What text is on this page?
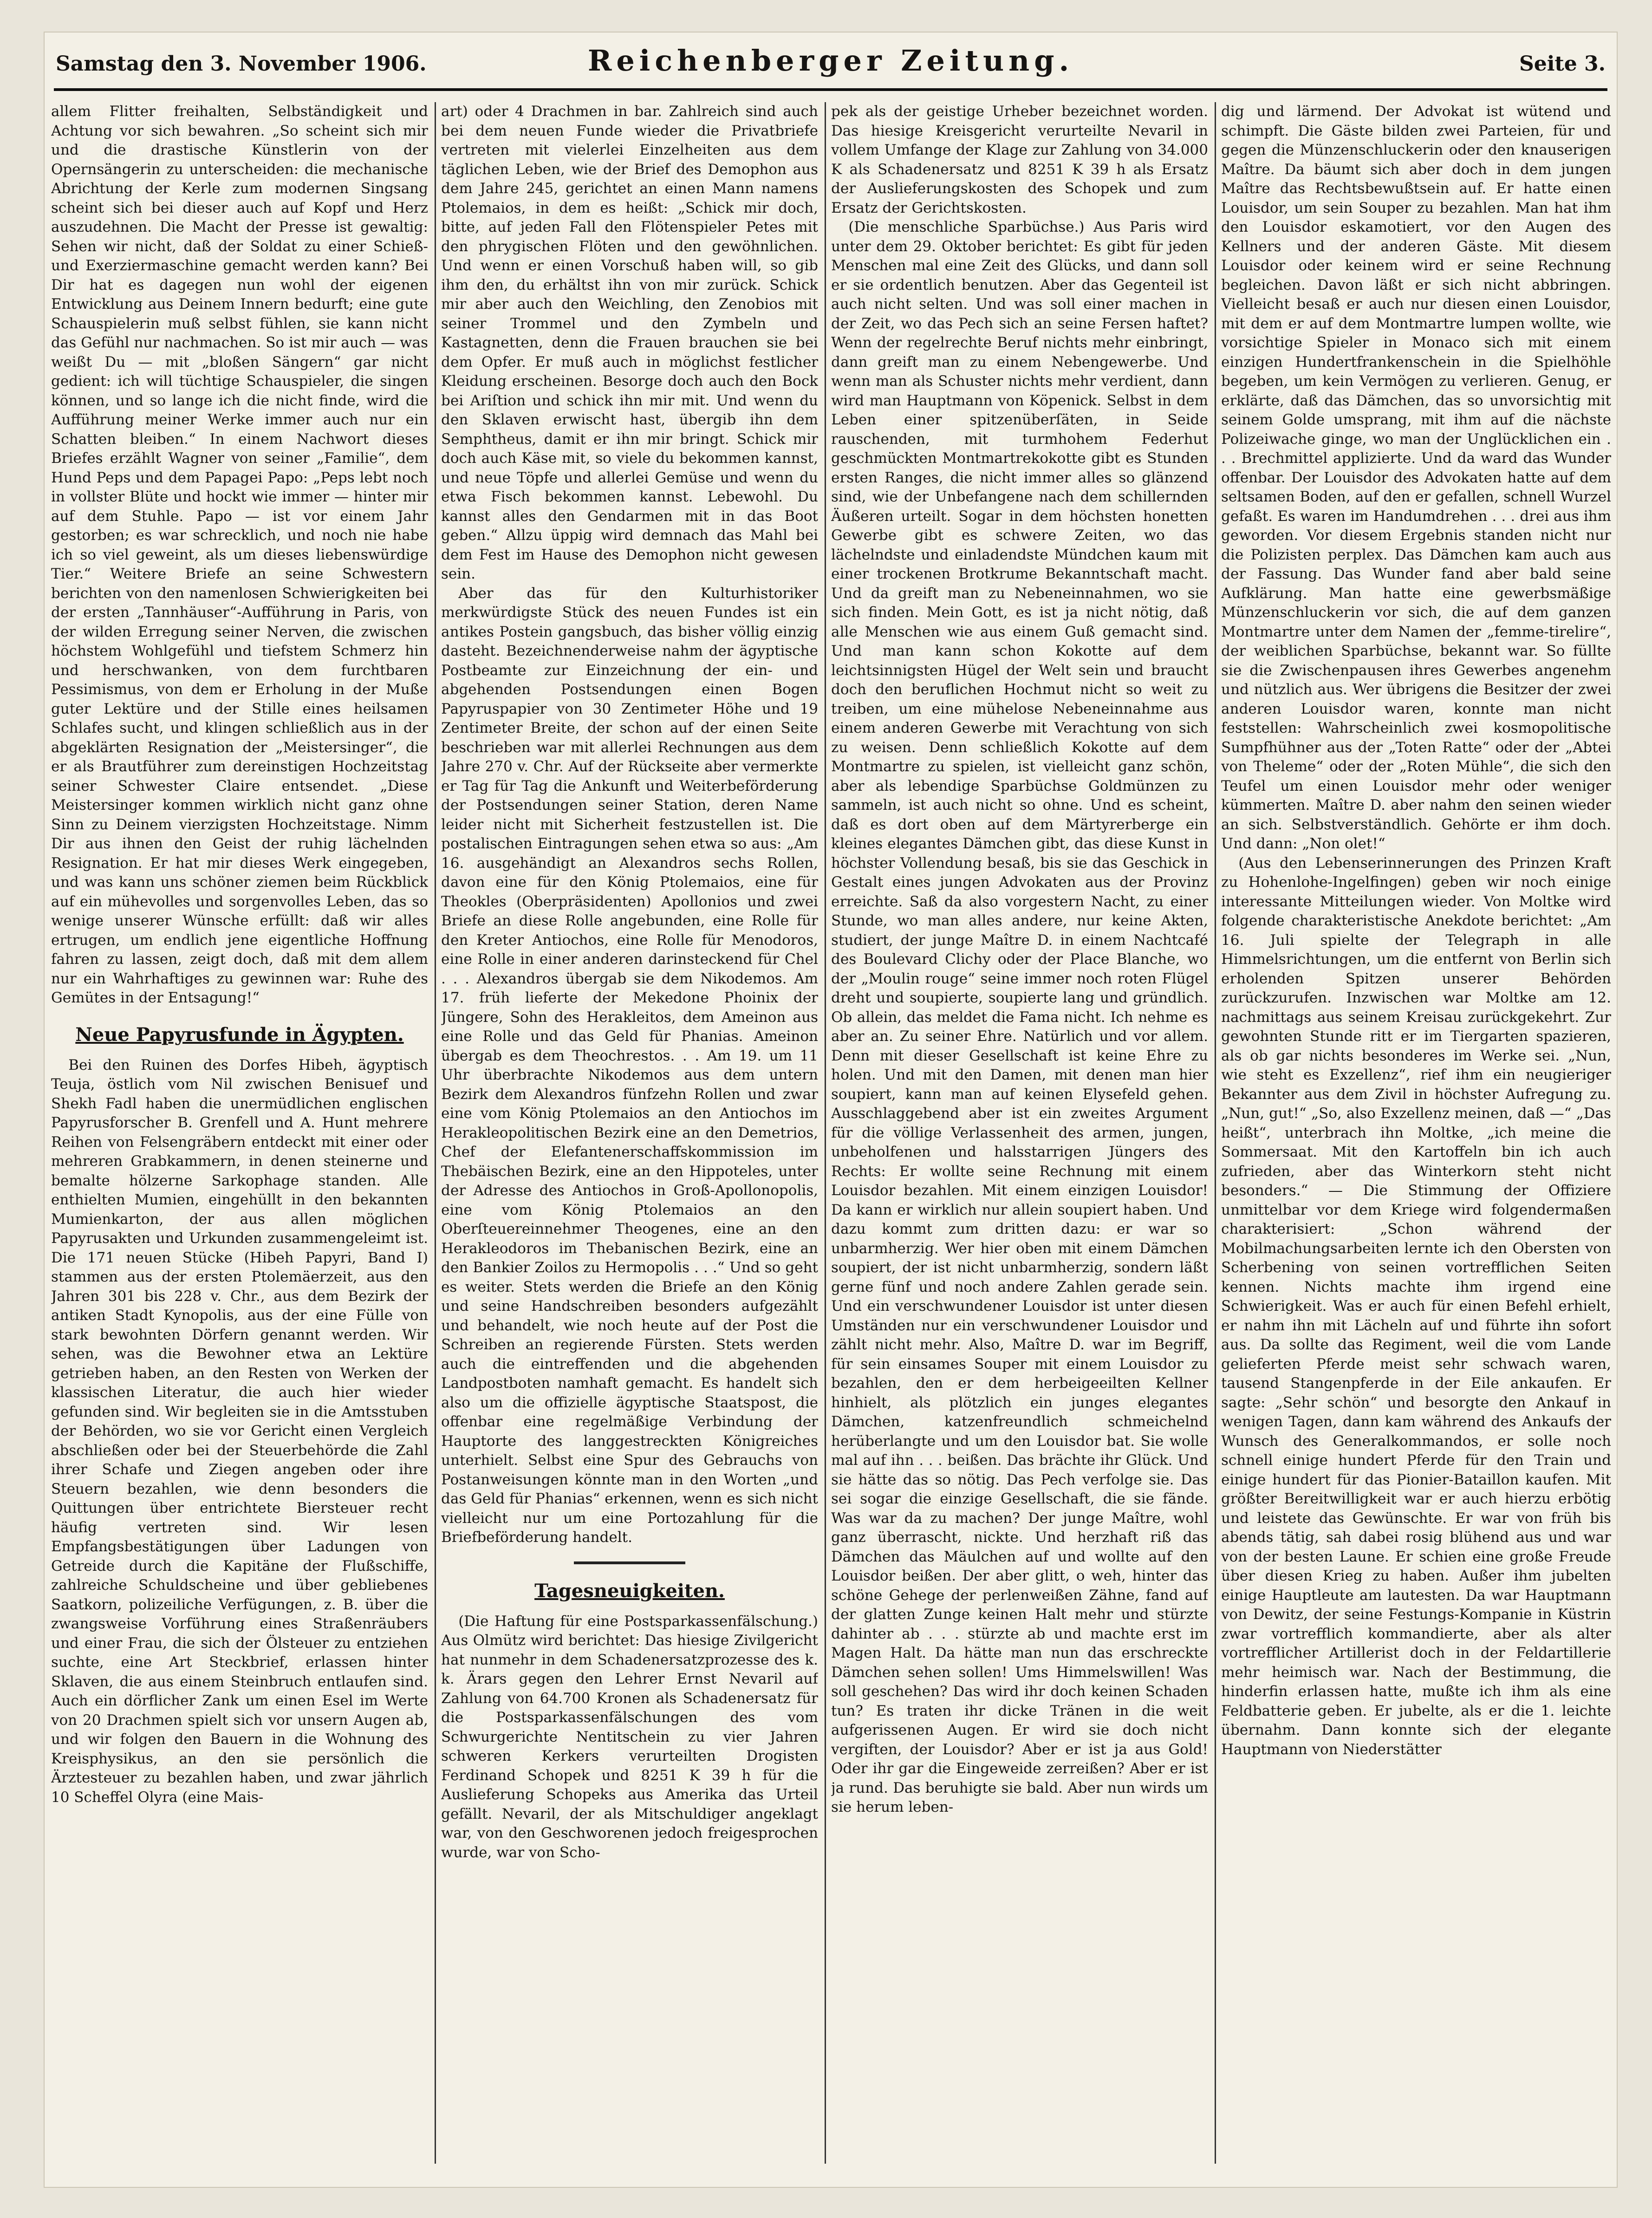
Samstag den 3. November 1906.	Reichenberger Zeitung.	Seite 3.

allem Flitter freihalten, Selbständigkeit und Achtung vor sich bewahren. „So scheint sich mir und die drastische Künstlerin von der Opernsängerin zu unterscheiden: die mechanische Abrichtung der Kerle zum modernen Singsang scheint sich bei dieser auch auf Kopf und Herz auszudehnen. Die Macht der Presse ist gewaltig: Sehen wir nicht, daß der Soldat zu einer Schieß- und Exerziermaschine gemacht werden kann? Bei Dir hat es dagegen nun wohl der eigenen Entwicklung aus Deinem Innern bedurft; eine gute Schauspielerin muß selbst fühlen, sie kann nicht das Gefühl nur nachmachen. So ist mir auch — was weißt Du — mit „bloßen Sängern“ gar nicht gedient: ich will tüchtige Schauspieler, die singen können, und so lange ich die nicht finde, wird die Aufführung meiner Werke immer auch nur ein Schatten bleiben.“ In einem Nachwort dieses Briefes erzählt Wagner von seiner „Familie“, dem Hund Peps und dem Papagei Papo: „Peps lebt noch in vollster Blüte und hockt wie immer — hinter mir auf dem Stuhle. Papo — ist vor einem Jahr gestorben; es war schrecklich, und noch nie habe ich so viel geweint, als um dieses liebenswürdige Tier.“ Weitere Briefe an seine Schwestern berichten von den namenlosen Schwierigkeiten bei der ersten „Tannhäuser“-Aufführung in Paris, von der wilden Erregung seiner Nerven, die zwischen höchstem Wohlgefühl und tiefstem Schmerz hin und herschwanken, von dem furchtbaren Pessimismus, von dem er Erholung in der Muße guter Lektüre und der Stille eines heilsamen Schlafes sucht, und klingen schließlich aus in der abgeklärten Resignation der „Meistersinger“, die er als Brautführer zum dereinstigen Hochzeitstag seiner Schwester Claire entsendet. „Diese Meistersinger kommen wirklich nicht ganz ohne Sinn zu Deinem vierzigsten Hochzeitstage. Nimm Dir aus ihnen den Geist der ruhig lächelnden Resignation. Er hat mir dieses Werk eingegeben, und was kann uns schöner ziemen beim Rückblick auf ein mühevolles und sorgenvolles Leben, das so wenige unserer Wünsche erfüllt: daß wir alles ertrugen, um endlich jene eigentliche Hoffnung fahren zu lassen, zeigt doch, daß mit dem allem nur ein Wahrhaftiges zu gewinnen war: Ruhe des Gemütes in der Entsagung!“

Neue Papyrusfunde in Ägypten.

Bei den Ruinen des Dorfes Hibeh, ägyptisch Teuja, östlich vom Nil zwischen Benisuef und Shekh Fadl haben die unermüdlichen englischen Papyrusforscher B. Grenfell und A. Hunt mehrere Reihen von Felsengräbern entdeckt mit einer oder mehreren Grabkammern, in denen steinerne und bemalte hölzerne Sarkophage standen. Alle enthielten Mumien, eingehüllt in den bekannten Mumienkarton, der aus allen möglichen Papyrusakten und Urkunden zusammengeleimt ist. Die 171 neuen Stücke (Hibeh Papyri, Band I) stammen aus der ersten Ptolemäerzeit, aus den Jahren 301 bis 228 v. Chr., aus dem Bezirk der antiken Stadt Kynopolis, aus der eine Fülle von stark bewohnten Dörfern genannt werden. Wir sehen, was die Bewohner etwa an Lektüre getrieben haben, an den Resten von Werken der klassischen Literatur, die auch hier wieder gefunden sind. Wir begleiten sie in die Amtsstuben der Behörden, wo sie vor Gericht einen Vergleich abschließen oder bei der Steuerbehörde die Zahl ihrer Schafe und Ziegen angeben oder ihre Steuern bezahlen, wie denn besonders die Quittungen über entrichtete Biersteuer recht häufig vertreten sind. Wir lesen Empfangsbestätigungen über Ladungen von Getreide durch die Kapitäne der Flußschiffe, zahlreiche Schuldscheine und über gebliebenes Saatkorn, polizeiliche Verfügungen, z. B. über die zwangsweise Vorführung eines Straßenräubers und einer Frau, die sich der Ölsteuer zu entziehen suchte, eine Art Steckbrief, erlassen hinter Sklaven, die aus einem Steinbruch entlaufen sind. Auch ein dörflicher Zank um einen Esel im Werte von 20 Drachmen spielt sich vor unsern Augen ab, und wir folgen den Bauern in die Wohnung des Kreisphysikus, an den sie persönlich die Ärztesteuer zu bezahlen haben, und zwar jährlich 10 Scheffel Olyra (eine Mais-

art) oder 4 Drachmen in bar. Zahlreich sind auch bei dem neuen Funde wieder die Privatbriefe vertreten mit vielerlei Einzelheiten aus dem täglichen Leben, wie der Brief des Demophon aus dem Jahre 245, gerichtet an einen Mann namens Ptolemaios, in dem es heißt: „Schick mir doch, bitte, auf jeden Fall den Flötenspieler Petes mit den phrygischen Flöten und den gewöhnlichen. Und wenn er einen Vorschuß haben will, so gib ihm den, du erhältst ihn von mir zurück. Schick mir aber auch den Weichling, den Zenobios mit seiner Trommel und den Zymbeln und Kastagnetten, denn die Frauen brauchen sie bei dem Opfer. Er muß auch in möglichst festlicher Kleidung erscheinen. Besorge doch auch den Bock bei Ariſtion und schick ihn mir mit. Und wenn du den Sklaven erwischt hast, übergib ihn dem Semphtheus, damit er ihn mir bringt. Schick mir doch auch Käse mit, so viele du bekommen kannst, und neue Töpfe und allerlei Gemüse und wenn du etwa Fisch bekommen kannst. Lebewohl. Du kannst alles den Gendarmen mit in das Boot geben.“ Allzu üppig wird demnach das Mahl bei dem Fest im Hause des Demophon nicht gewesen sein.

Aber das für den Kulturhistoriker merkwürdigste Stück des neuen Fundes ist ein antikes Postein gangsbuch, das bisher völlig einzig dasteht. Bezeichnenderweise nahm der ägyptische Postbeamte zur Einzeichnung der ein- und abgehenden Postsendungen einen Bogen Papyruspapier von 30 Zentimeter Höhe und 19 Zentimeter Breite, der schon auf der einen Seite beschrieben war mit allerlei Rechnungen aus dem Jahre 270 v. Chr. Auf der Rückseite aber vermerkte er Tag für Tag die Ankunft und Weiterbeförderung der Postsendungen seiner Station, deren Name leider nicht mit Sicherheit festzustellen ist. Die postalischen Eintragungen sehen etwa so aus: „Am 16. ausgehändigt an Alexandros sechs Rollen, davon eine für den König Ptolemaios, eine für Theokles (Oberpräsidenten) Apollonios und zwei Briefe an diese Rolle angebunden, eine Rolle für den Kreter Antiochos, eine Rolle für Menodoros, eine Rolle in einer anderen darinsteckend für Chel . . . Alexandros übergab sie dem Nikodemos. Am 17. früh lieferte der Mekedone Phoinix der Jüngere, Sohn des Herakleitos, dem Ameinon aus eine Rolle und das Geld für Phanias. Ameinon übergab es dem Theochrestos. . . Am 19. um 11 Uhr überbrachte Nikodemos aus dem untern Bezirk dem Alexandros fünfzehn Rollen und zwar eine vom König Ptolemaios an den Antiochos im Herakleopolitischen Bezirk eine an den Demetrios, Chef der Elefantenerschaffskommission im Thebäischen Bezirk, eine an den Hippoteles, unter der Adresse des Antiochos in Groß-Apollonopolis, eine vom König Ptolemaios an den Oberſteuereinnehmer Theogenes, eine an den Herakleodoros im Thebanischen Bezirk, eine an den Bankier Zoilos zu Hermopolis . . .“ Und so geht es weiter. Stets werden die Briefe an den König und seine Handschreiben besonders aufgezählt und behandelt, wie noch heute auf der Post die Schreiben an regierende Fürsten. Stets werden auch die eintreffenden und die abgehenden Landpostboten namhaft gemacht. Es handelt sich also um die offizielle ägyptische Staatspost, die offenbar eine regelmäßige Verbindung der Hauptorte des langgestreckten Königreiches unterhielt. Selbst eine Spur des Gebrauchs von Postanweisungen könnte man in den Worten „und das Geld für Phanias“ erkennen, wenn es sich nicht vielleicht nur um eine Portozahlung für die Briefbeförderung handelt.

Tagesneuigkeiten.

(Die Haftung für eine Postsparkassenfälschung.) Aus Olmütz wird berichtet: Das hiesige Zivilgericht hat nunmehr in dem Schadenersatzprozesse des k. k. Ärars gegen den Lehrer Ernst Nevaril auf Zahlung von 64.700 Kronen als Schadenersatz für die Postsparkassenfälschungen des vom Schwurgerichte Nentitschein zu vier Jahren schweren Kerkers verurteilten Drogisten Ferdinand Schopek und 8251 K 39 h für die Auslieferung Schopeks aus Amerika das Urteil gefällt. Nevaril, der als Mitschuldiger angeklagt war, von den Geschworenen jedoch freigesprochen wurde, war von Scho-

pek als der geistige Urheber bezeichnet worden. Das hiesige Kreisgericht verurteilte Nevaril in vollem Umfange der Klage zur Zahlung von 34.000 K als Schadenersatz und 8251 K 39 h als Ersatz der Auslieferungskosten des Schopek und zum Ersatz der Gerichtskosten.

(Die menschliche Sparbüchse.) Aus Paris wird unter dem 29. Oktober berichtet: Es gibt für jeden Menschen mal eine Zeit des Glücks, und dann soll er sie ordentlich benutzen. Aber das Gegenteil ist auch nicht selten. Und was soll einer machen in der Zeit, wo das Pech sich an seine Fersen haftet? Wenn der regelrechte Beruf nichts mehr einbringt, dann greift man zu einem Nebengewerbe. Und wenn man als Schuster nichts mehr verdient, dann wird man Hauptmann von Köpenick. Selbst in dem Leben einer spitzenüberſäten, in Seide rauschenden, mit turmhohem Federhut geschmückten Montmartrekokotte gibt es Stunden ersten Ranges, die nicht immer alles so glänzend sind, wie der Unbefangene nach dem schillernden Äußeren urteilt. Sogar in dem höchsten honetten Gewerbe gibt es schwere Zeiten, wo das lächelndste und einladendste Mündchen kaum mit einer trockenen Brotkrume Bekanntschaft macht. Und da greift man zu Nebeneinnahmen, wo sie sich finden. Mein Gott, es ist ja nicht nötig, daß alle Menschen wie aus einem Guß gemacht sind. Und man kann schon Kokotte auf dem leichtsinnigsten Hügel der Welt sein und braucht doch den beruflichen Hochmut nicht so weit zu treiben, um eine mühelose Nebeneinnahme aus einem anderen Gewerbe mit Verachtung von sich zu weisen. Denn schließlich Kokotte auf dem Montmartre zu spielen, ist vielleicht ganz schön, aber als lebendige Sparbüchse Goldmünzen zu sammeln, ist auch nicht so ohne. Und es scheint, daß es dort oben auf dem Märtyrerberge ein kleines elegantes Dämchen gibt, das diese Kunst in höchster Vollendung besaß, bis sie das Geschick in Gestalt eines jungen Advokaten aus der Provinz erreichte. Saß da also vorgestern Nacht, zu einer Stunde, wo man alles andere, nur keine Akten, studiert, der junge Maître D. in einem Nachtcafé des Boulevard Clichy oder der Place Blanche, wo der „Moulin rouge“ seine immer noch roten Flügel dreht und soupierte, soupierte lang und gründlich. Ob allein, das meldet die Fama nicht. Ich nehme es aber an. Zu seiner Ehre. Natürlich und vor allem. Denn mit dieser Gesellschaft ist keine Ehre zu holen. Und mit den Damen, mit denen man hier soupiert, kann man auf keinen Elysefeld gehen. Ausschlaggebend aber ist ein zweites Argument für die völlige Verlassenheit des armen, jungen, unbeholfenen und halsstarrigen Jüngers des Rechts: Er wollte seine Rechnung mit einem Louisdor bezahlen. Mit einem einzigen Louisdor! Da kann er wirklich nur allein soupiert haben. Und dazu kommt zum dritten dazu: er war so unbarmherzig. Wer hier oben mit einem Dämchen soupiert, der ist nicht unbarmherzig, sondern läßt gerne fünf und noch andere Zahlen gerade sein. Und ein verschwundener Louisdor ist unter diesen Umständen nur ein verschwundener Louisdor und zählt nicht mehr. Also, Maître D. war im Begriff, für sein einsames Souper mit einem Louisdor zu bezahlen, den er dem herbeigeeilten Kellner hinhielt, als plötzlich ein junges elegantes Dämchen, katzenfreundlich schmeichelnd herüberlangte und um den Louisdor bat. Sie wolle mal auf ihn . . . beißen. Das brächte ihr Glück. Und sie hätte das so nötig. Das Pech verfolge sie. Das sei sogar die einzige Gesellschaft, die sie fände. Was war da zu machen? Der junge Maître, wohl ganz überrascht, nickte. Und herzhaft riß das Dämchen das Mäulchen auf und wollte auf den Louisdor beißen. Der aber glitt, o weh, hinter das schöne Gehege der perlenweißen Zähne, fand auf der glatten Zunge keinen Halt mehr und stürzte dahinter ab . . . stürzte ab und machte erst im Magen Halt. Da hätte man nun das erschreckte Dämchen sehen sollen! Ums Himmelswillen! Was soll geschehen? Das wird ihr doch keinen Schaden tun? Es traten ihr dicke Tränen in die weit aufgerissenen Augen. Er wird sie doch nicht vergiften, der Louisdor? Aber er ist ja aus Gold! Oder ihr gar die Eingeweide zerreißen? Aber er ist ja rund. Das beruhigte sie bald. Aber nun wirds um sie herum leben-

dig und lärmend. Der Advokat ist wütend und schimpft. Die Gäste bilden zwei Parteien, für und gegen die Münzenschluckerin oder den knauserigen Maître. Da bäumt sich aber doch in dem jungen Maître das Rechtsbewußtsein auf. Er hatte einen Louisdor, um sein Souper zu bezahlen. Man hat ihm den Louisdor eskamotiert, vor den Augen des Kellners und der anderen Gäste. Mit diesem Louisdor oder keinem wird er seine Rechnung begleichen. Davon läßt er sich nicht abbringen. Vielleicht besaß er auch nur diesen einen Louisdor, mit dem er auf dem Montmartre lumpen wollte, wie vorsichtige Spieler in Monaco sich mit einem einzigen Hundertfrankenschein in die Spielhöhle begeben, um kein Vermögen zu verlieren. Genug, er erklärte, daß das Dämchen, das so unvorsichtig mit seinem Golde umsprang, mit ihm auf die nächste Polizeiwache ginge, wo man der Unglücklichen ein . . . Brechmittel applizierte. Und da ward das Wunder offenbar. Der Louisdor des Advokaten hatte auf dem seltsamen Boden, auf den er gefallen, schnell Wurzel gefaßt. Es waren im Handumdrehen . . . drei aus ihm geworden. Vor diesem Ergebnis standen nicht nur die Polizisten perplex. Das Dämchen kam auch aus der Fassung. Das Wunder fand aber bald seine Aufklärung. Man hatte eine gewerbsmäßige Münzenschluckerin vor sich, die auf dem ganzen Montmartre unter dem Namen der „femme-tirelire“, der weiblichen Sparbüchse, bekannt war. So füllte sie die Zwischenpausen ihres Gewerbes angenehm und nützlich aus. Wer übrigens die Besitzer der zwei anderen Louisdor waren, konnte man nicht feststellen: Wahrscheinlich zwei kosmopolitische Sumpfhühner aus der „Toten Ratte“ oder der „Abtei von Theleme“ oder der „Roten Mühle“, die sich den Teufel um einen Louisdor mehr oder weniger kümmerten. Maître D. aber nahm den seinen wieder an sich. Selbstverständlich. Gehörte er ihm doch. Und dann: „Non olet!“

(Aus den Lebenserinnerungen des Prinzen Kraft zu Hohenlohe-Ingelfingen) geben wir noch einige interessante Mitteilungen wieder. Von Moltke wird folgende charakteristische Anekdote berichtet: „Am 16. Juli spielte der Telegraph in alle Himmelsrichtungen, um die entfernt von Berlin sich erholenden Spitzen unserer Behörden zurückzurufen. Inzwischen war Moltke am 12. nachmittags aus seinem Kreisau zurückgekehrt. Zur gewohnten Stunde ritt er im Tiergarten spazieren, als ob gar nichts besonderes im Werke sei. „Nun, wie steht es Exzellenz“, rief ihm ein neugieriger Bekannter aus dem Zivil in höchster Aufregung zu. „Nun, gut!“ „So, also Exzellenz meinen, daß —“ „Das heißt“, unterbrach ihn Moltke, „ich meine die Sommersaat. Mit den Kartoffeln bin ich auch zufrieden, aber das Winterkorn steht nicht besonders.“ — Die Stimmung der Offiziere unmittelbar vor dem Kriege wird folgendermaßen charakterisiert: „Schon während der Mobilmachungsarbeiten lernte ich den Obersten von Scherbening von seinen vortrefflichen Seiten kennen. Nichts machte ihm irgend eine Schwierigkeit. Was er auch für einen Befehl erhielt, er nahm ihn mit Lächeln auf und führte ihn sofort aus. Da sollte das Regiment, weil die vom Lande gelieferten Pferde meist sehr schwach waren, tausend Stangenpferde in der Eile ankaufen. Er sagte: „Sehr schön“ und besorgte den Ankauf in wenigen Tagen, dann kam während des Ankaufs der Wunsch des Generalkommandos, er solle noch schnell einige hundert Pferde für den Train und einige hundert für das Pionier-Bataillon kaufen. Mit größter Bereitwilligkeit war er auch hierzu erbötig und leistete das Gewünschte. Er war von früh bis abends tätig, sah dabei rosig blühend aus und war von der besten Laune. Er schien eine große Freude über diesen Krieg zu haben. Außer ihm jubelten einige Hauptleute am lautesten. Da war Hauptmann von Dewitz, der seine Festungs-Kompanie in Küstrin zwar vortrefflich kommandierte, aber als alter vortrefflicher Artillerist doch in der Feldartillerie mehr heimisch war. Nach der Bestimmung, die hinderfin erlassen hatte, mußte ich ihm als eine Feldbatterie geben. Er jubelte, als er die 1. leichte übernahm. Dann konnte sich der elegante Hauptmann von Niederstätter
